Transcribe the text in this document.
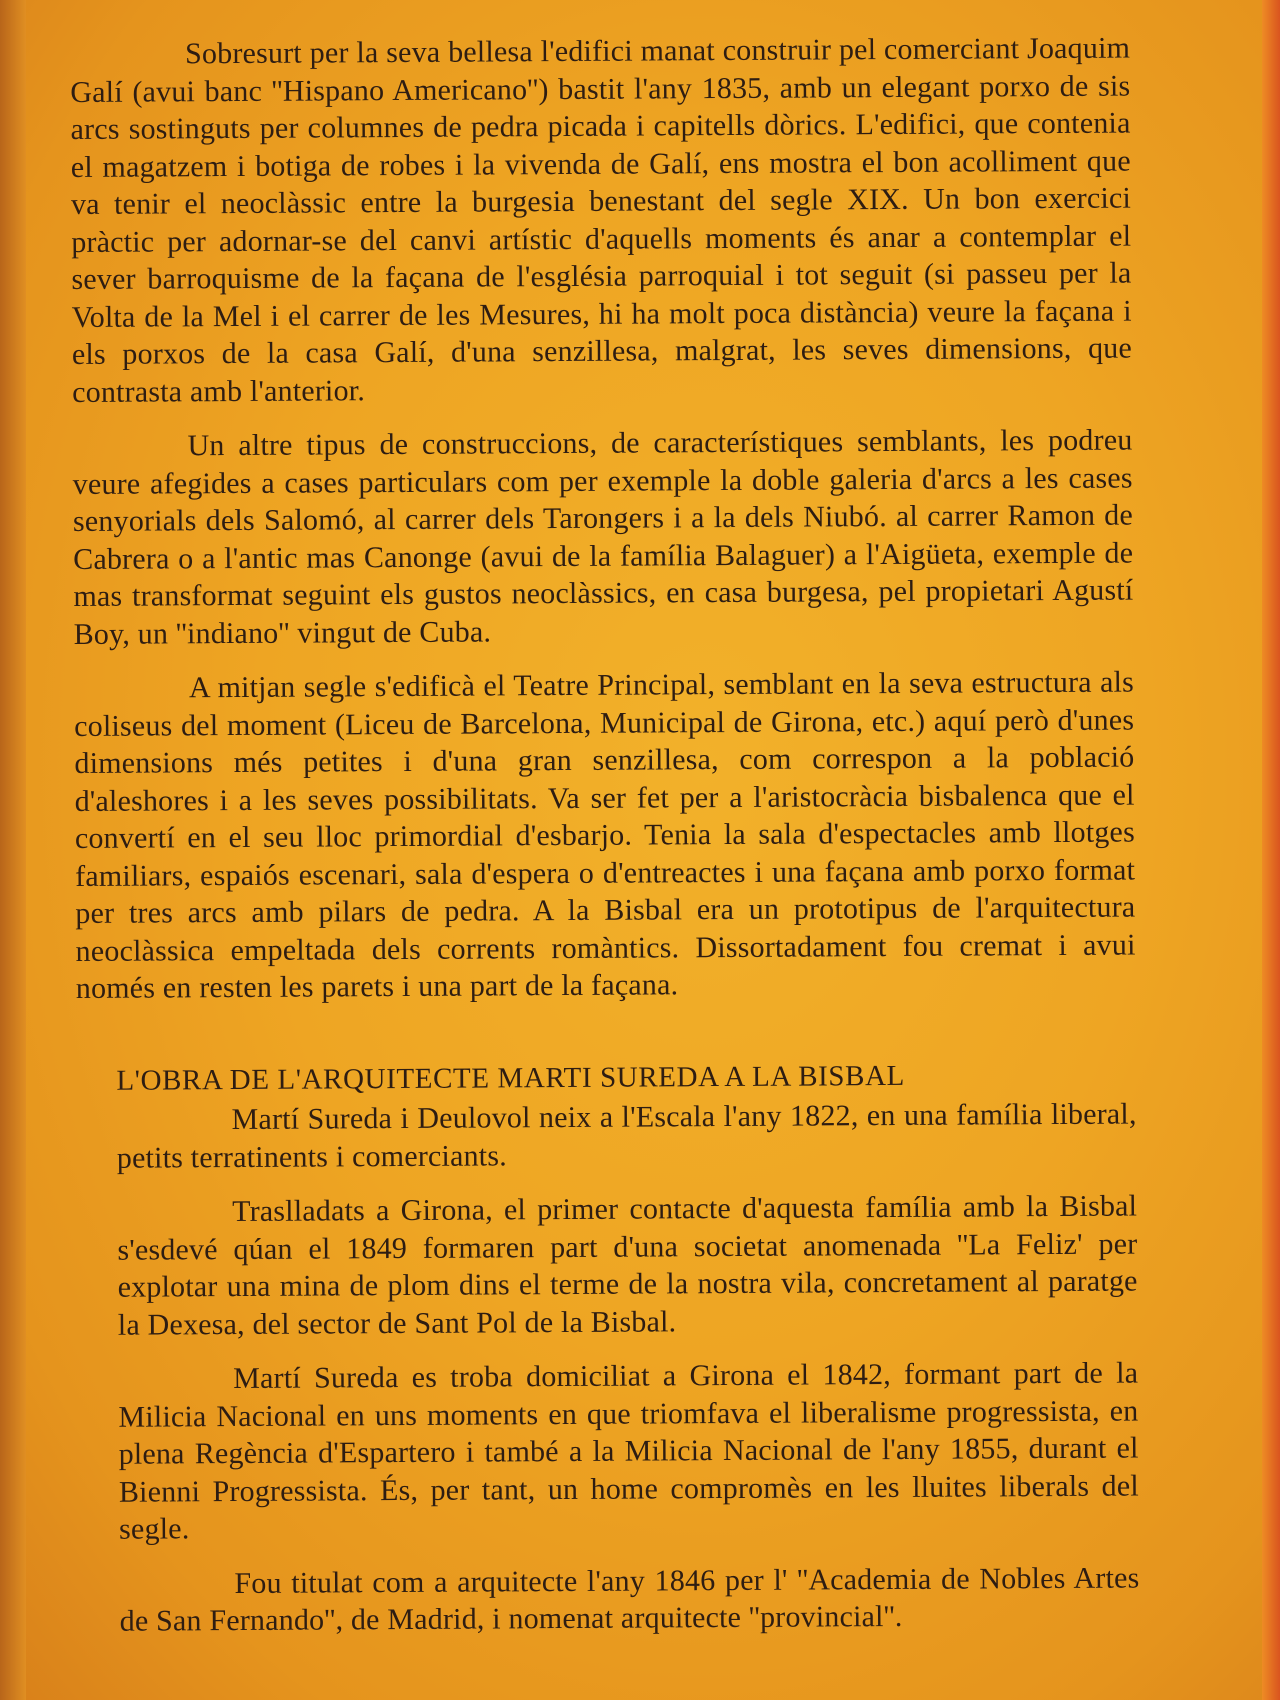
Sobresurt per la seva bellesa l'edifici manat construir pel comerciant Joaquim Galí (avui banc ''Hispano Americano'') bastit l'any 1835, amb un elegant porxo de sis arcs sostinguts per columnes de pedra picada i capitells dòrics. L'edifici, que contenia el magatzem i botiga de robes i la vivenda de Galí, ens mostra el bon acolliment que va tenir el neoclàssic entre la burgesia benestant del segle XIX. Un bon exercici pràctic per adornar-se del canvi artístic d'aquells moments és anar a contemplar el sever barroquisme de la façana de l'església parroquial i tot seguit (si passeu per la Volta de la Mel i el carrer de les Mesures, hi ha molt poca distància) veure la façana i els porxos de la casa Galí, d'una senzillesa, malgrat, les seves dimensions, que contrasta amb l'anterior.

Un altre tipus de construccions, de característiques semblants, les podreu veure afegides a cases particulars com per exemple la doble galeria d'arcs a les cases senyorials dels Salomó, al carrer dels Tarongers i a la dels Niubó. al carrer Ramon de Cabrera o a l'antic mas Canonge (avui de la família Balaguer) a l'Aigüeta, exemple de mas transformat seguint els gustos neoclàssics, en casa burgesa, pel propietari Agustí Boy, un ''indiano'' vingut de Cuba.

A mitjan segle s'edificà el Teatre Principal, semblant en la seva estructura als coliseus del moment (Liceu de Barcelona, Municipal de Girona, etc.) aquí però d'unes dimensions més petites i d'una gran senzillesa, com correspon a la població d'aleshores i a les seves possibilitats. Va ser fet per a l'aristocràcia bisbalenca que el convertí en el seu lloc primordial d'esbarjo. Tenia la sala d'espectacles amb llotges familiars, espaiós escenari, sala d'espera o d'entreactes i una façana amb porxo format per tres arcs amb pilars de pedra. A la Bisbal era un prototipus de l'arquitectura neoclàssica empeltada dels corrents romàntics. Dissortadament fou cremat i avui només en resten les parets i una part de la façana.

L'OBRA DE L'ARQUITECTE MARTI SUREDA A LA BISBAL

Martí Sureda i Deulovol neix a l'Escala l'any 1822, en una família liberal, petits terratinents i comerciants.

Traslladats a Girona, el primer contacte d'aquesta família amb la Bisbal s'esdevé qúan el 1849 formaren part d'una societat anomenada ''La Feliz' per explotar una mina de plom dins el terme de la nostra vila, concretament al paratge la Dexesa, del sector de Sant Pol de la Bisbal.

Martí Sureda es troba domiciliat a Girona el 1842, formant part de la Milicia Nacional en uns moments en que triomfava el liberalisme progressista, en plena Regència d'Espartero i també a la Milicia Nacional de l'any 1855, durant el Bienni Progressista. És, per tant, un home compromès en les lluites liberals del segle.

Fou titulat com a arquitecte l'any 1846 per l' ''Academia de Nobles Artes de San Fernando'', de Madrid, i nomenat arquitecte ''provincial''.
